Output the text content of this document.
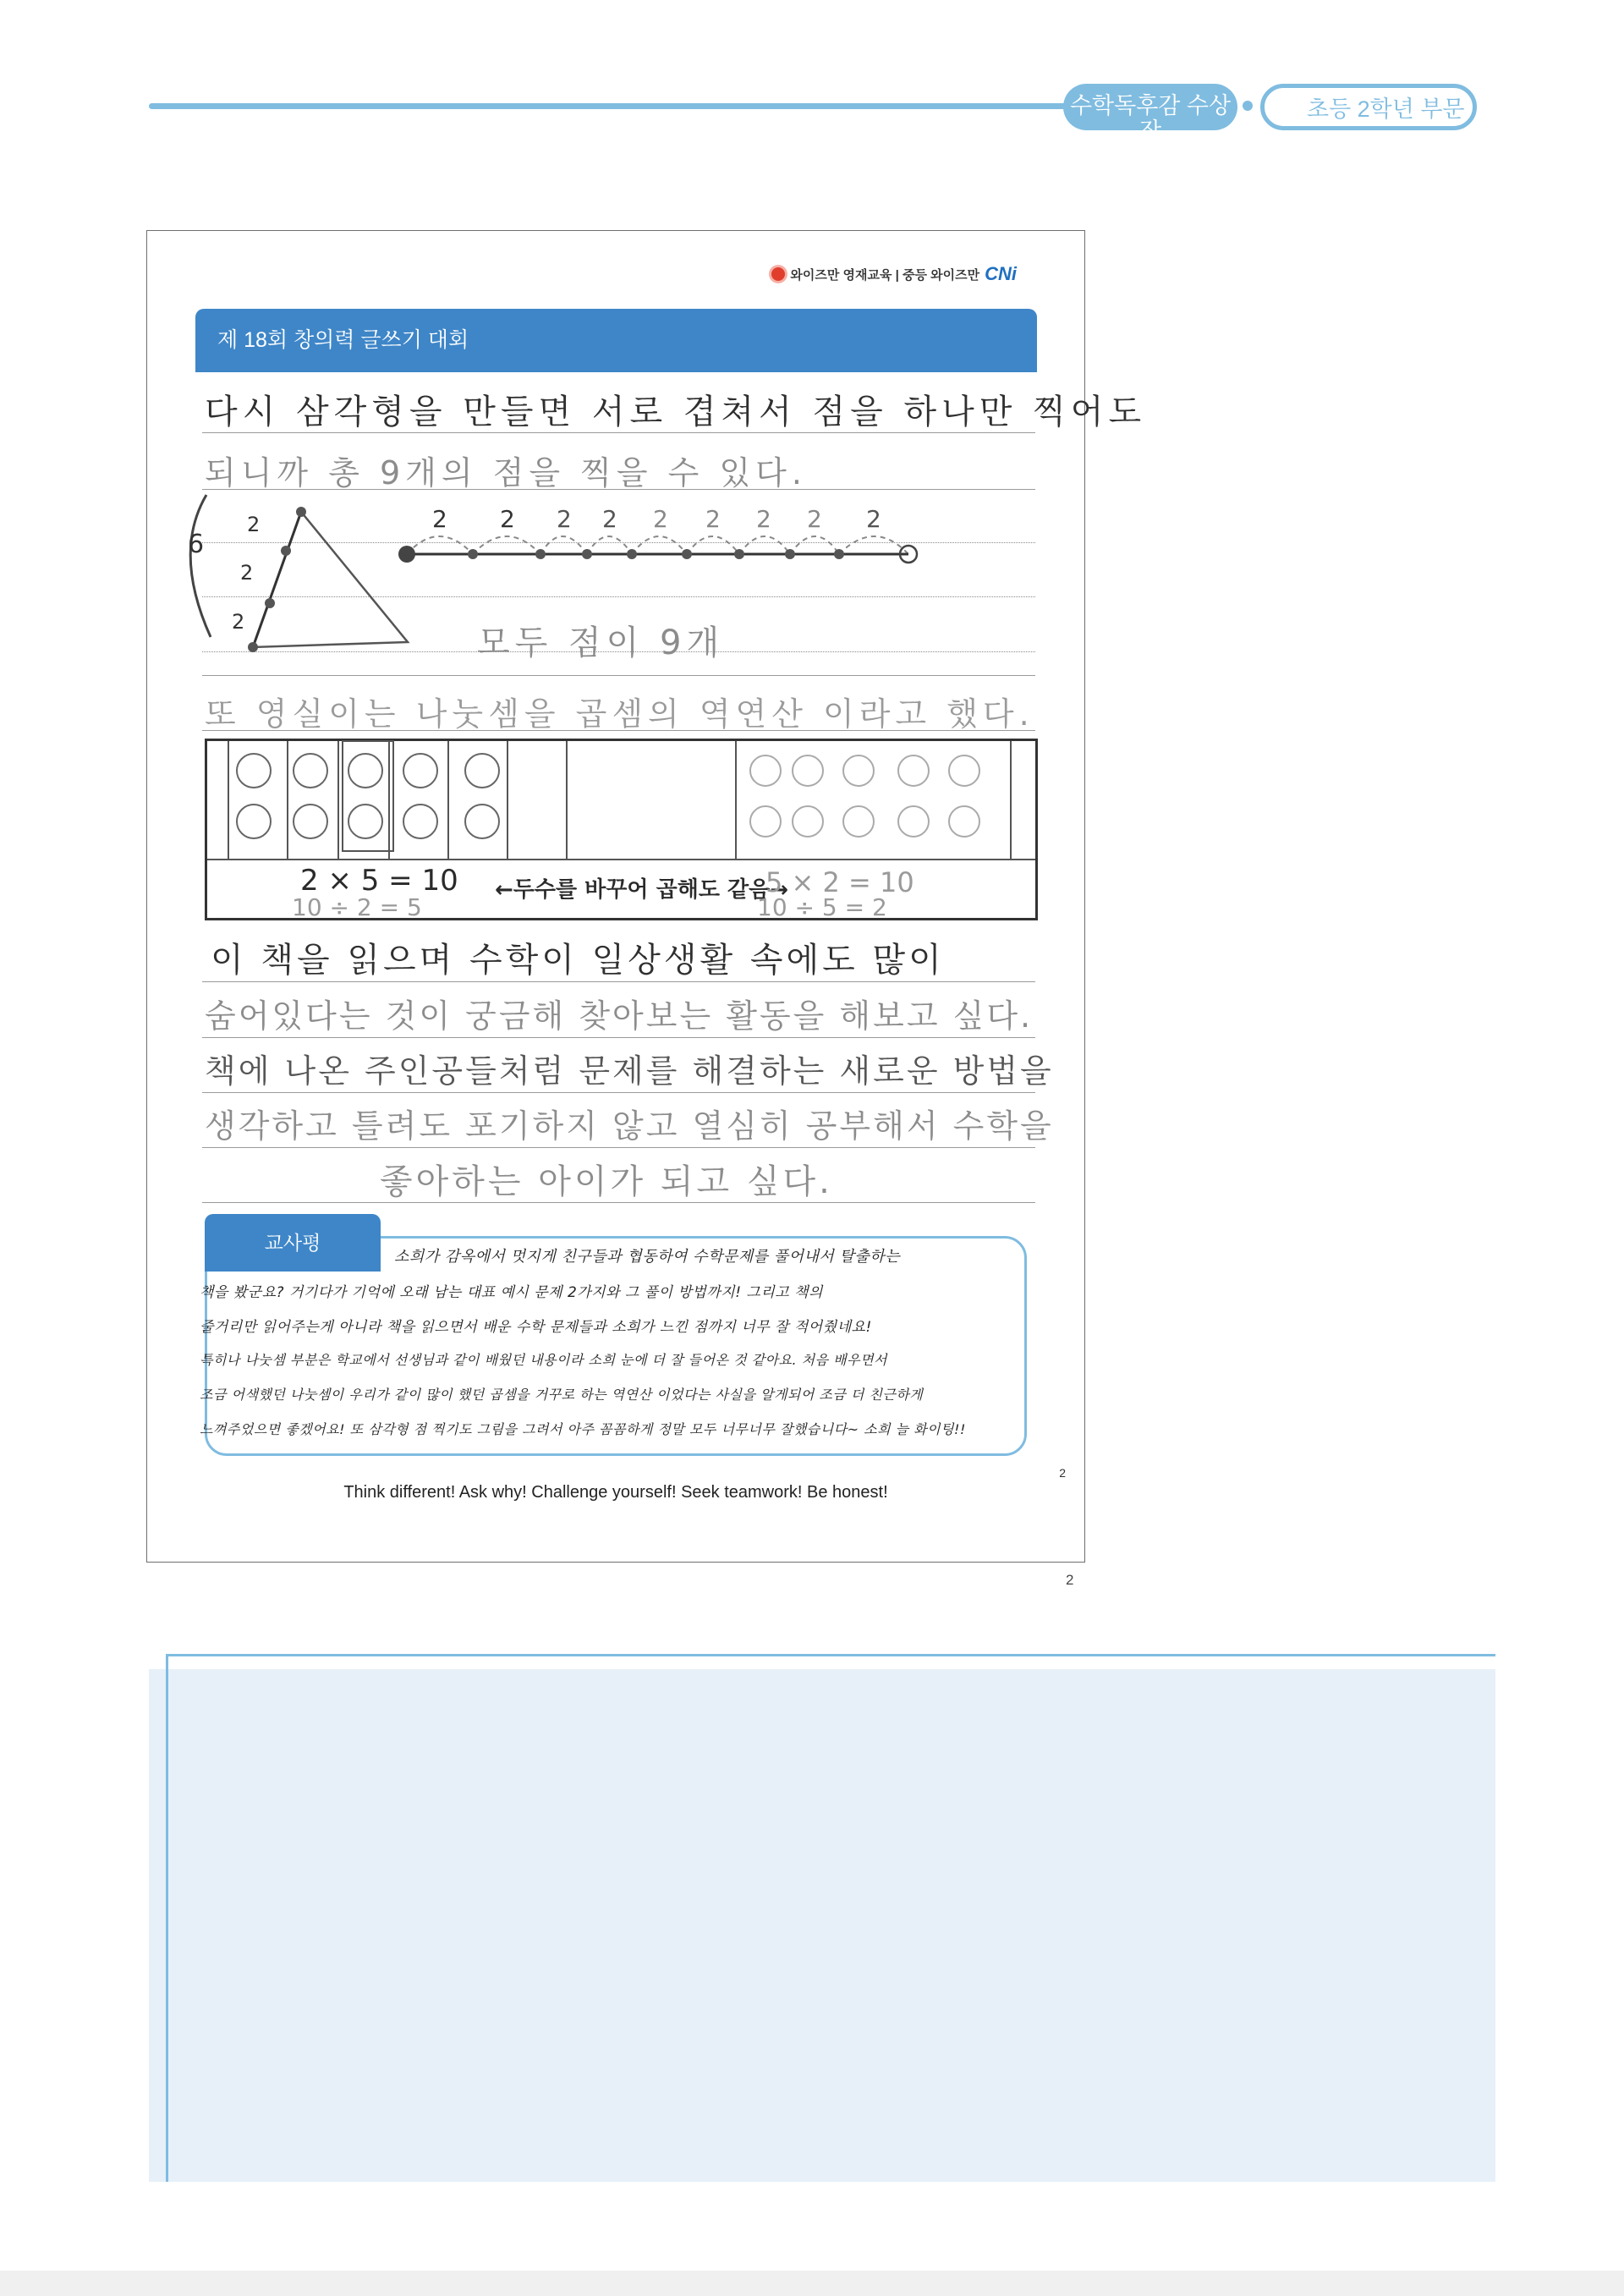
수학독후감 수상작
초등 2학년 부문
와이즈만 영재교육 | 중등 와이즈만 CNi
제 18회 창의력 글쓰기 대회
다시 삼각형을 만들면 서로 겹쳐서 점을 하나만 찍어도
되니까 총 9개의 점을 찍을 수 있다.
6
2
2
2
2 2 2 2 2 2 2 2 2
모두 점이 9개
또 영실이는 나눗셈을 곱셈의 역연산 이라고 했다.
2 × 5 = 10
10 ÷ 2 = 5
←두수를 바꾸어 곱해도 같음→
5 × 2 = 10
10 ÷ 5 = 2
이 책을 읽으며 수학이 일상생활 속에도 많이
숨어있다는 것이 궁금해 찾아보는 활동을 해보고 싶다.
책에 나온 주인공들처럼 문제를 해결하는 새로운 방법을
생각하고 틀려도 포기하지 않고 열심히 공부해서 수학을
좋아하는 아이가 되고 싶다.
교사평
소희가 감옥에서 멋지게 친구들과 협동하여 수학문제를 풀어내서 탈출하는
책을 봤군요? 거기다가 기억에 오래 남는 대표 예시 문제 2가지와 그 풀이 방법까지! 그리고 책의
줄거리만 읽어주는게 아니라 책을 읽으면서 배운 수학 문제들과 소희가 느낀 점까지 너무 잘 적어줬네요!
특히나 나눗셈 부분은 학교에서 선생님과 같이 배웠던 내용이라 소희 눈에 더 잘 들어온 것 같아요. 처음 배우면서
조금 어색했던 나눗셈이 우리가 같이 많이 했던 곱셈을 거꾸로 하는 역연산 이었다는 사실을 알게되어 조금 더 친근하게
느껴주었으면 좋겠어요! 또 삼각형 점 찍기도 그림을 그려서 아주 꼼꼼하게 정말 모두 너무너무 잘했습니다~ 소희 늘 화이팅!!
2
Think different! Ask why! Challenge yourself! Seek teamwork! Be honest!
2
